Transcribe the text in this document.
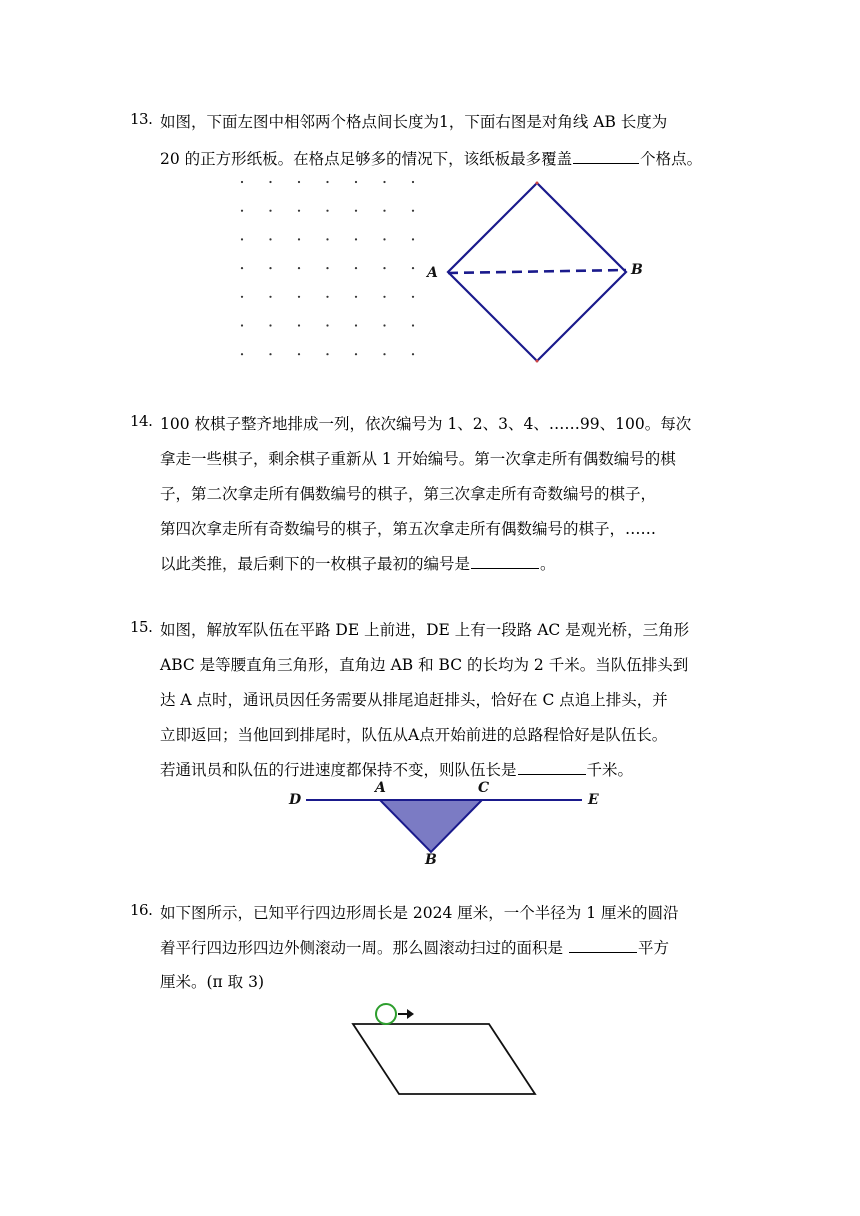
13. 如图，下面左图中相邻两个格点间长度为1，下面右图是对角线 AB 长度为
20 的正方形纸板。在格点足够多的情况下，该纸板最多覆盖	个格点。
A	B
14. 100 枚棋子整齐地排成一列，依次编号为 1、2、3、4、……99、100。每次
拿走一些棋子，剩余棋子重新从 1 开始编号。第一次拿走所有偶数编号的棋
子，第二次拿走所有偶数编号的棋子，第三次拿走所有奇数编号的棋子，
第四次拿走所有奇数编号的棋子，第五次拿走所有偶数编号的棋子，……
以此类推，最后剩下的一枚棋子最初的编号是	。
15. 如图，解放军队伍在平路 DE 上前进，DE 上有一段路 AC 是观光桥，三角形
ABC 是等腰直角三角形，直角边 AB 和 BC 的长均为 2 千米。当队伍排头到
达 A 点时，通讯员因任务需要从排尾追赶排头，恰好在 C 点追上排头，并
立即返回；当他回到排尾时，队伍从A点开始前进的总路程恰好是队伍长。
若通讯员和队伍的行进速度都保持不变，则队伍长是	千米。
D
A	C
E
B
16. 如下图所示，已知平行四边形周长是 2024 厘米，一个半径为 1 厘米的圆沿
着平行四边形四边外侧滚动一周。那么圆滚动扫过的面积是	平方
厘米。(π 取 3)
